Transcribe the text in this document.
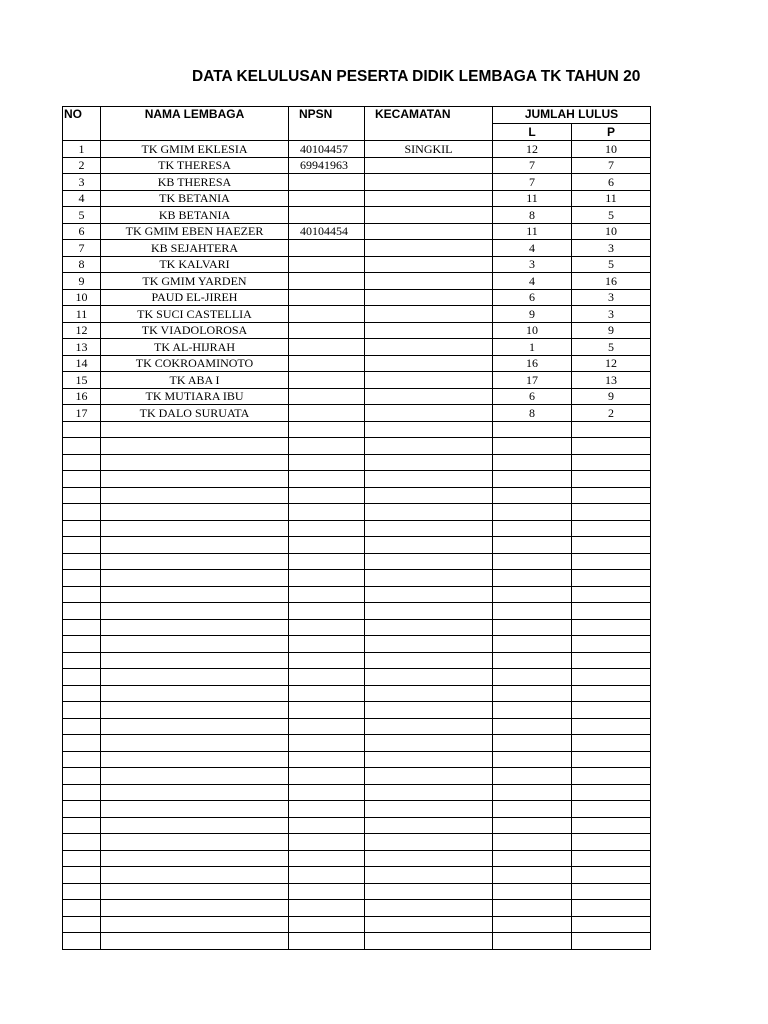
DATA KELULUSAN PESERTA DIDIK LEMBAGA TK TAHUN 20
NO	NAMA LEMBAGA	NPSN	KECAMATAN	JUMLAH LULUS	
				L	P
1	TK GMIM EKLESIA	40104457	SINGKIL	12	10
2	TK THERESA	69941963		7	7
3	KB THERESA			7	6
4	TK BETANIA			11	11
5	KB BETANIA			8	5
6	TK GMIM EBEN HAEZER	40104454		11	10
7	KB SEJAHTERA			4	3
8	TK KALVARI			3	5
9	TK GMIM YARDEN			4	16
10	PAUD EL-JIREH			6	3
11	TK SUCI CASTELLIA			9	3
12	TK VIADOLOROSA			10	9
13	TK AL-HIJRAH			1	5
14	TK COKROAMINOTO			16	12
15	TK ABA I			17	13
16	TK MUTIARA IBU			6	9
17	TK DALO SURUATA			8	2
